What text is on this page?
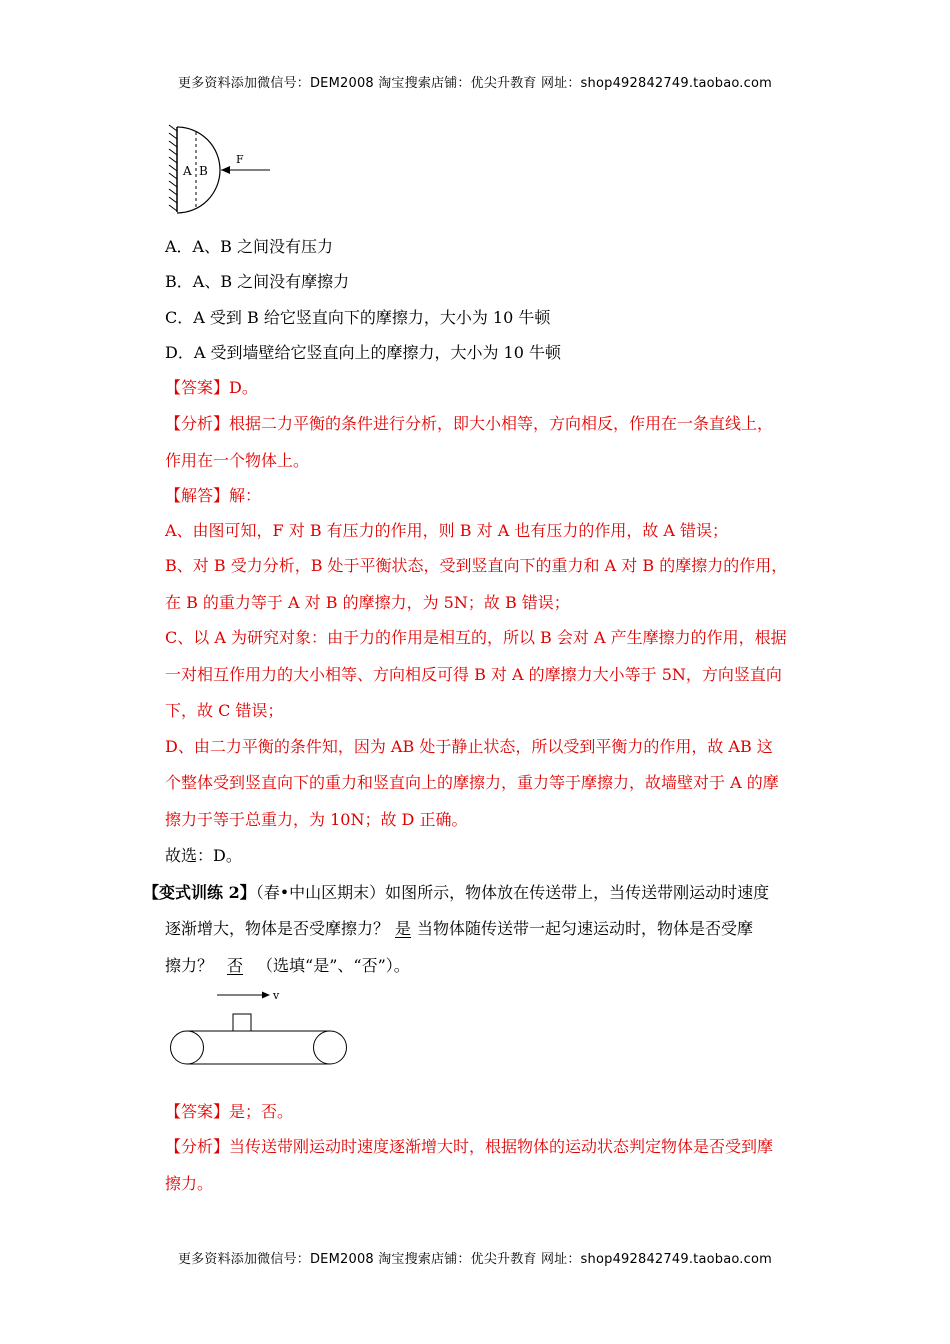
更多资料添加微信号：DEM2008 淘宝搜索店铺：优尖升教育 网址：shop492842749.taobao.com
A B
F
A．A、B 之间没有压力
B．A、B 之间没有摩擦力
C．A 受到 B 给它竖直向下的摩擦力，大小为 10 牛顿
D．A 受到墙壁给它竖直向上的摩擦力，大小为 10 牛顿
【答案】D。
【分析】根据二力平衡的条件进行分析，即大小相等，方向相反，作用在一条直线上，
作用在一个物体上。
【解答】解：
A、由图可知，F 对 B 有压力的作用，则 B 对 A 也有压力的作用，故 A 错误；
B、对 B 受力分析，B 处于平衡状态，受到竖直向下的重力和 A 对 B 的摩擦力的作用，
在 B 的重力等于 A 对 B 的摩擦力，为 5N；故 B 错误；
C、以 A 为研究对象：由于力的作用是相互的，所以 B 会对 A 产生摩擦力的作用，根据
一对相互作用力的大小相等、方向相反可得 B 对 A 的摩擦力大小等于 5N，方向竖直向
下，故 C 错误；
D、由二力平衡的条件知，因为 AB 处于静止状态，所以受到平衡力的作用，故 AB 这
个整体受到竖直向下的重力和竖直向上的摩擦力，重力等于摩擦力，故墙壁对于 A 的摩
擦力于等于总重力，为 10N；故 D 正确。
故选：D。
【变式训练 2】（春•中山区期末）如图所示，物体放在传送带上，当传送带刚运动时速度
逐渐增大，物体是否受摩擦力？ 是 当物体随传送带一起匀速运动时，物体是否受摩
擦力？ 否 （选填“是”、“否”）。
v
【答案】是；否。
【分析】当传送带刚运动时速度逐渐增大时，根据物体的运动状态判定物体是否受到摩
擦力。
更多资料添加微信号：DEM2008 淘宝搜索店铺：优尖升教育 网址：shop492842749.taobao.com
